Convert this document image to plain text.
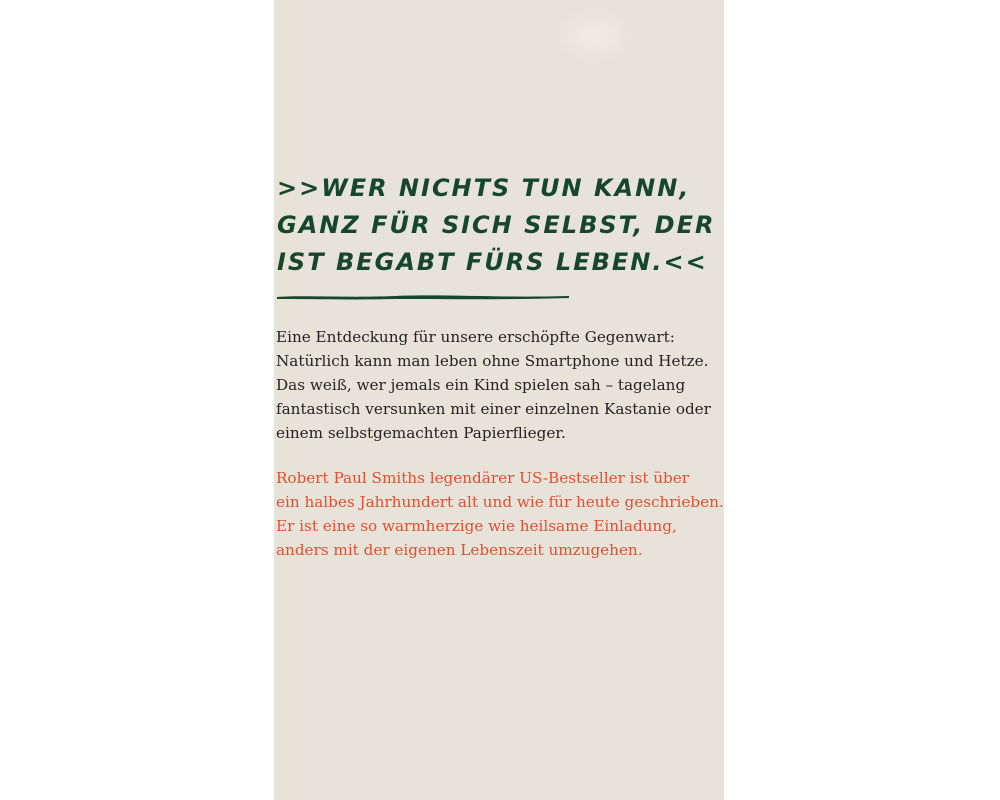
>>WER NICHTS TUN KANN,
GANZ FÜR SICH SELBST, DER
IST BEGABT FÜRS LEBEN.<<

Eine Entdeckung für unsere erschöpfte Gegenwart:
Natürlich kann man leben ohne Smartphone und Hetze.
Das weiß, wer jemals ein Kind spielen sah – tagelang
fantastisch versunken mit einer einzelnen Kastanie oder
einem selbstgemachten Papierflieger.

Robert Paul Smiths legendärer US-Bestseller ist über
ein halbes Jahrhundert alt und wie für heute geschrieben.
Er ist eine so warmherzige wie heilsame Einladung,
anders mit der eigenen Lebenszeit umzugehen.
